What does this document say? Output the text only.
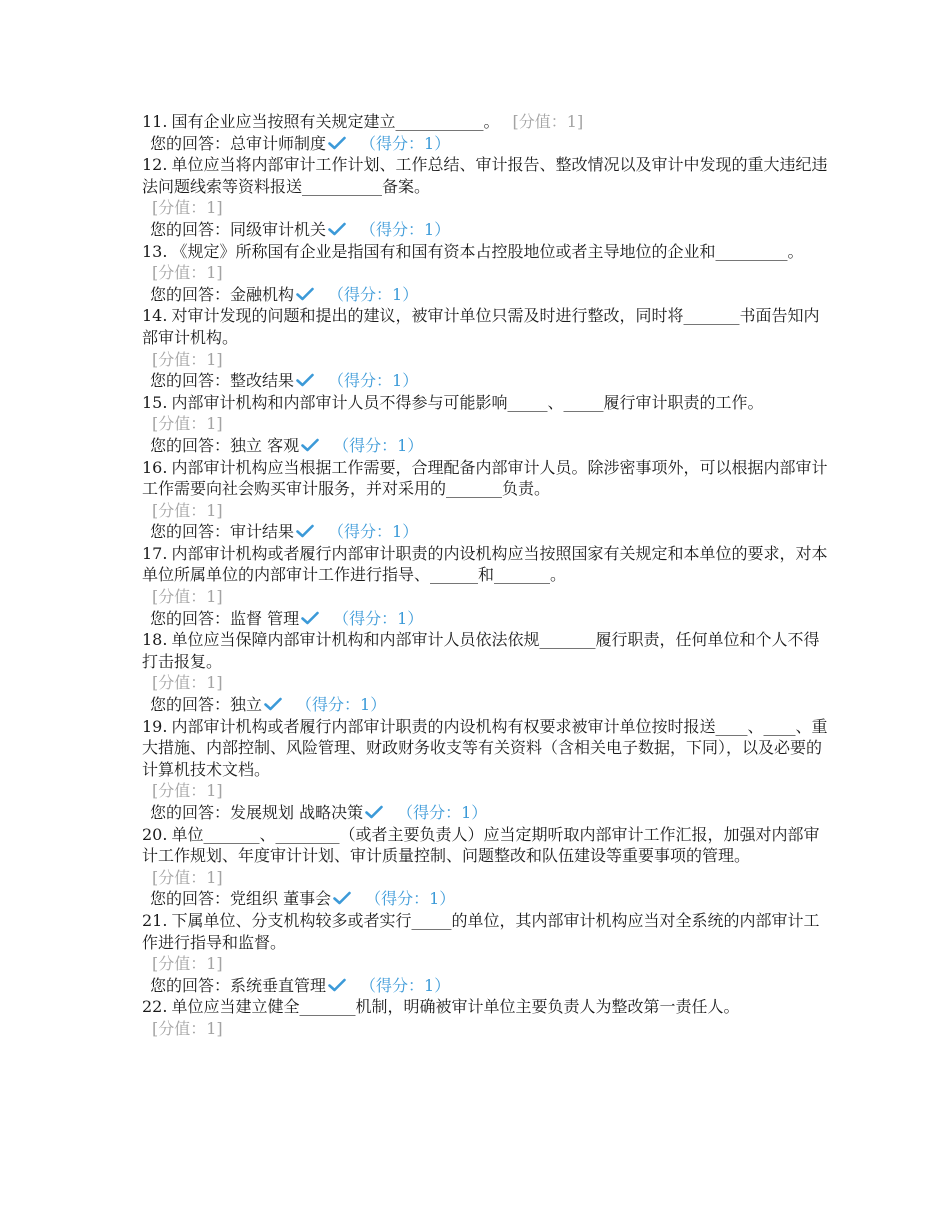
11. 国有企业应当按照有关规定建立___________。 [分值：1]

您的回答：总审计师制度 （得分：1）

12. 单位应当将内部审计工作计划、工作总结、审计报告、整改情况以及审计中发现的重大违纪违法问题线索等资料报送__________备案。

[分值：1]

您的回答：同级审计机关 （得分：1）

13. 《规定》所称国有企业是指国有和国有资本占控股地位或者主导地位的企业和_________。

[分值：1]

您的回答：金融机构 （得分：1）

14. 对审计发现的问题和提出的建议，被审计单位只需及时进行整改，同时将_______书面告知内部审计机构。

[分值：1]

您的回答：整改结果 （得分：1）

15. 内部审计机构和内部审计人员不得参与可能影响_____、_____履行审计职责的工作。

[分值：1]

您的回答：独立 客观 （得分：1）

16. 内部审计机构应当根据工作需要，合理配备内部审计人员。除涉密事项外，可以根据内部审计工作需要向社会购买审计服务，并对采用的_______负责。

[分值：1]

您的回答：审计结果 （得分：1）

17. 内部审计机构或者履行内部审计职责的内设机构应当按照国家有关规定和本单位的要求，对本单位所属单位的内部审计工作进行指导、______和_______。

[分值：1]

您的回答：监督 管理 （得分：1）

18. 单位应当保障内部审计机构和内部审计人员依法依规_______履行职责，任何单位和个人不得打击报复。

[分值：1]

您的回答：独立 （得分：1）

19. 内部审计机构或者履行内部审计职责的内设机构有权要求被审计单位按时报送____、____、重大措施、内部控制、风险管理、财政财务收支等有关资料（含相关电子数据，下同），以及必要的计算机技术文档。

[分值：1]

您的回答：发展规划 战略决策 （得分：1）

20. 单位_______、________（或者主要负责人）应当定期听取内部审计工作汇报，加强对内部审计工作规划、年度审计计划、审计质量控制、问题整改和队伍建设等重要事项的管理。

[分值：1]

您的回答：党组织 董事会 （得分：1）

21. 下属单位、分支机构较多或者实行_____的单位，其内部审计机构应当对全系统的内部审计工作进行指导和监督。

[分值：1]

您的回答：系统垂直管理 （得分：1）

22. 单位应当建立健全_______机制，明确被审计单位主要负责人为整改第一责任人。

[分值：1]
